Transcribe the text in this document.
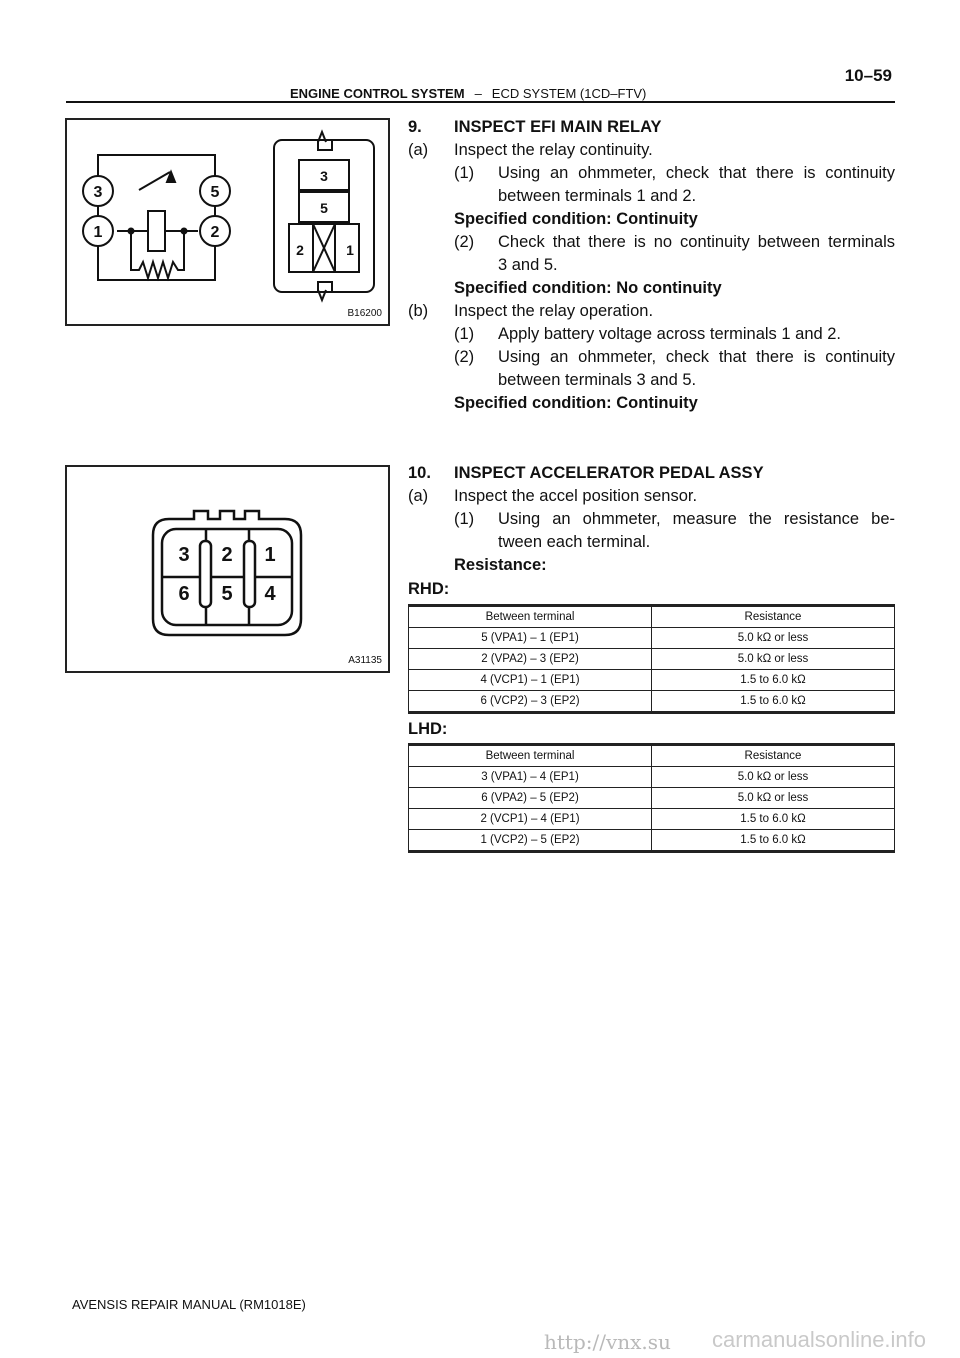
ENGINE CONTROL SYSTEM – ECD SYSTEM (1CD–FTV)
10–59
3	5
1	2
3
5
2	1
B16200
3 2 1
6 5 4
A31135
9. INSPECT EFI MAIN RELAY
(a) Inspect the relay continuity.
(1) Using an ohmmeter, check that there is continuity
between terminals 1 and 2.
Specified condition: Continuity
(2) Check that there is no continuity between terminals
3 and 5.
Specified condition: No continuity
(b) Inspect the relay operation.
(1) Apply battery voltage across terminals 1 and 2.
(2) Using an ohmmeter, check that there is continuity
between terminals 3 and 5.
Specified condition: Continuity
10. INSPECT ACCELERATOR PEDAL ASSY
(a) Inspect the accel position sensor.
(1) Using an ohmmeter, measure the resistance be-
tween each terminal.
Resistance:
RHD:
Between terminal	Resistance
5 (VPA1) – 1 (EP1)	5.0 kΩ or less
2 (VPA2) – 3 (EP2)	5.0 kΩ or less
4 (VCP1) – 1 (EP1)	1.5 to 6.0 kΩ
6 (VCP2) – 3 (EP2)	1.5 to 6.0 kΩ
LHD:
Between terminal	Resistance
3 (VPA1) – 4 (EP1)	5.0 kΩ or less
6 (VPA2) – 5 (EP2)	5.0 kΩ or less
2 (VCP1) – 4 (EP1)	1.5 to 6.0 kΩ
1 (VCP2) – 5 (EP2)	1.5 to 6.0 kΩ
AVENSIS REPAIR MANUAL (RM1018E)
http://vnx.su carmanualsonline.info
